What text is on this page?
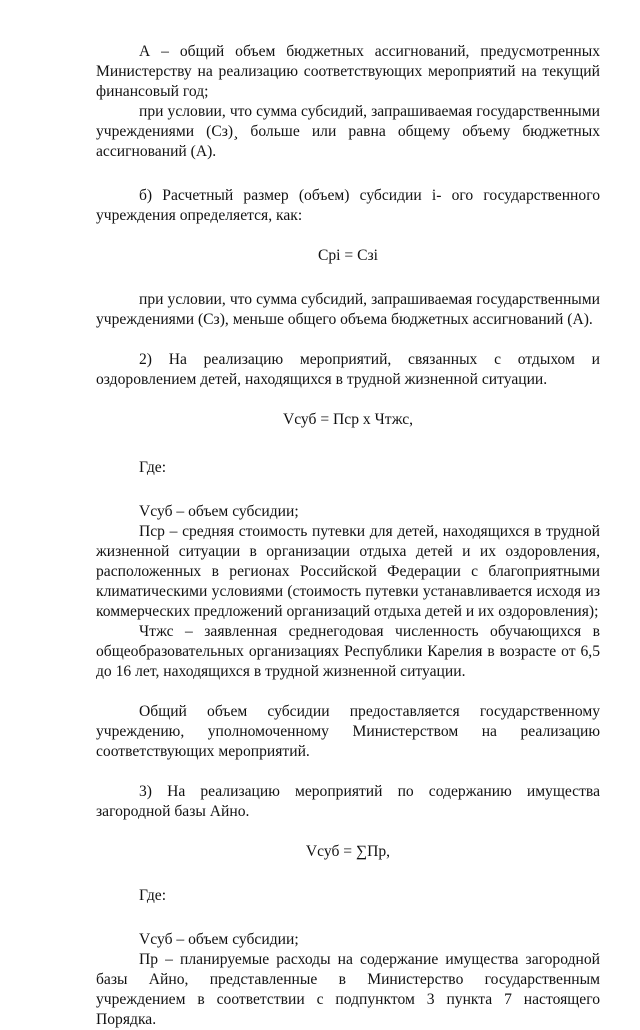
А – общий объем бюджетных ассигнований, предусмотренных Министерству на реализацию соответствующих мероприятий на текущий финансовый год;

при условии, что сумма субсидий, запрашиваемая государственными учреждениями (Сз)¸ больше или равна общему объему бюджетных ассигнований (А).

б) Расчетный размер (объем) субсидии i- ого государственного учреждения определяется, как:

Cpi = Сзi

при условии, что сумма субсидий, запрашиваемая государственными учреждениями (Сз), меньше общего объема бюджетных ассигнований (А).

2) На реализацию мероприятий, связанных с отдыхом и оздоровлением детей, находящихся в трудной жизненной ситуации.

Vсуб = Пср х Чтжс,

Где:

Vсуб – объем субсидии;

Пср – средняя стоимость путевки для детей, находящихся в трудной жизненной ситуации в организации отдыха детей и их оздоровления, расположенных в регионах Российской Федерации с благоприятными климатическими условиями (стоимость путевки устанавливается исходя из коммерческих предложений организаций отдыха детей и их оздоровления);

Чтжс – заявленная среднегодовая численность обучающихся в общеобразовательных организациях Республики Карелия в возрасте от 6,5 до 16 лет, находящихся в трудной жизненной ситуации.

Общий объем субсидии предоставляется государственному учреждению, уполномоченному Министерством на реализацию соответствующих мероприятий.

3) На реализацию мероприятий по содержанию имущества загородной базы Айно.

Vсуб = ∑Пр,

Где:

Vсуб – объем субсидии;

Пр – планируемые расходы на содержание имущества загородной базы Айно, представленные в Министерство государственным учреждением в соответствии с подпунктом 3 пункта 7 настоящего Порядка.
